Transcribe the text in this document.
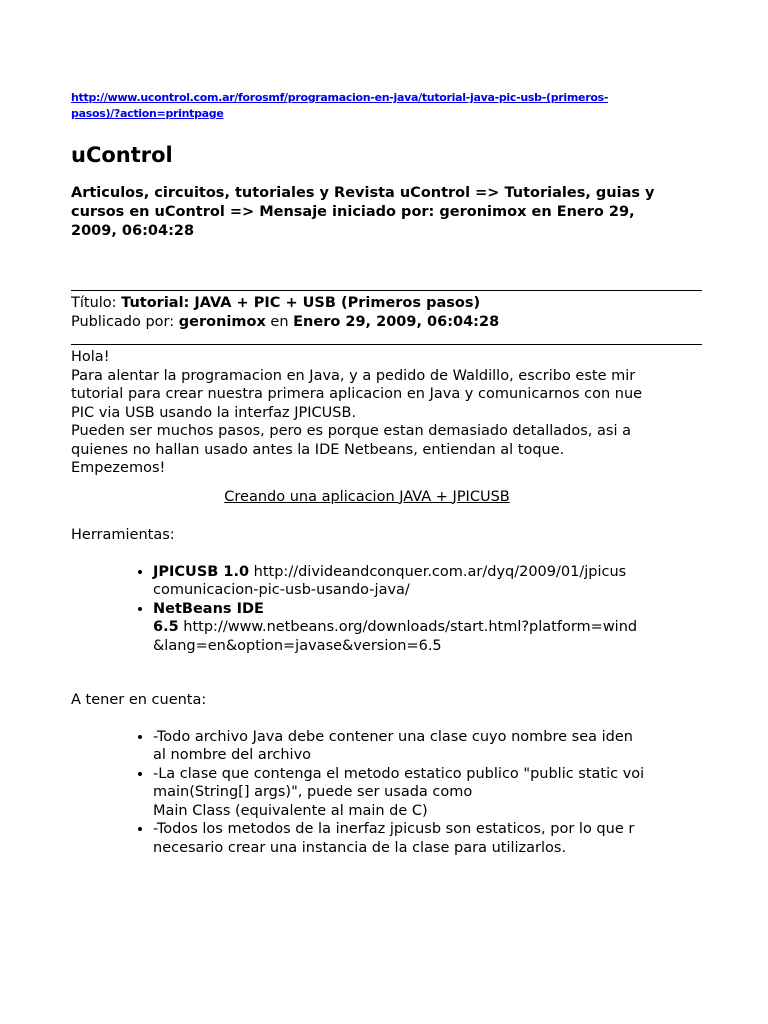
http://www.ucontrol.com.ar/forosmf/programacion-en-java/tutorial-java-pic-usb-(primeros-
pasos)/?action=printpage
uControl
Articulos, circuitos, tutoriales y Revista uControl => Tutoriales, guias y
cursos en uControl => Mensaje iniciado por: geronimox en Enero 29,
2009, 06:04:28
Título: Tutorial: JAVA + PIC + USB (Primeros pasos)
Publicado por: geronimox en Enero 29, 2009, 06:04:28

Hola!

Para alentar la programacion en Java, y a pedido de Waldillo, escribo este mir

tutorial para crear nuestra primera aplicacion en Java y comunicarnos con nue

PIC via USB usando la interfaz JPICUSB.

Pueden ser muchos pasos, pero es porque estan demasiado detallados, asi a

quienes no hallan usado antes la IDE Netbeans, entiendan al toque.

Empezemos!

Creando una aplicacion JAVA + JPICUSB

Herramientas:

• JPICUSB 1.0 http://divideandconquer.com.ar/dyq/2009/01/jpicus
comunicacion-pic-usb-usando-java/
• NetBeans IDE
6.5 http://www.netbeans.org/downloads/start.html?platform=wind
&lang=en&option=javase&version=6.5

A tener en cuenta:

• -Todo archivo Java debe contener una clase cuyo nombre sea iden
al nombre del archivo
• -La clase que contenga el metodo estatico publico "public static voi
main(String[] args)", puede ser usada como
Main Class (equivalente al main de C)
• -Todos los metodos de la inerfaz jpicusb son estaticos, por lo que r
necesario crear una instancia de la clase para utilizarlos.
